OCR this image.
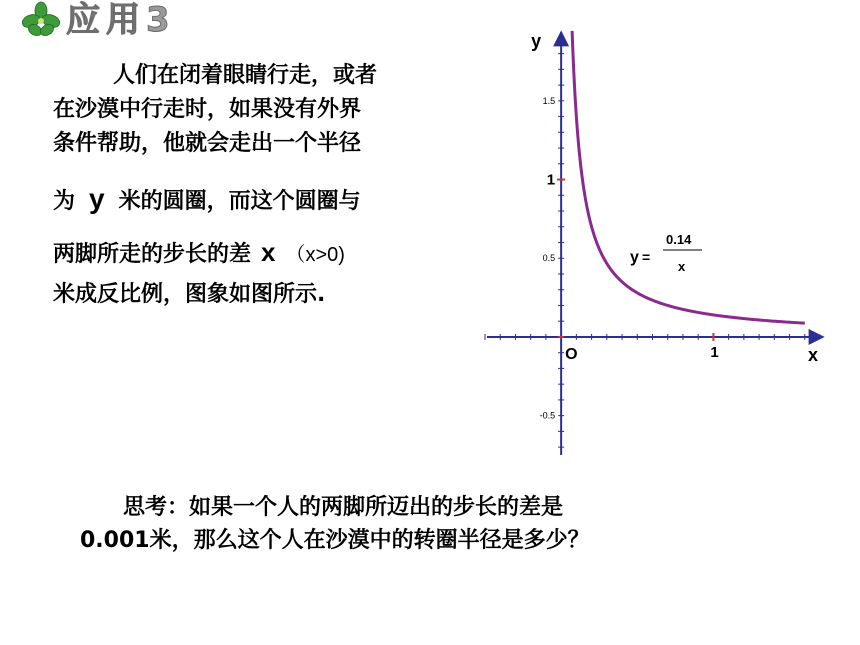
应用3
人们在闭着眼睛行走，或者
在沙漠中行走时，如果没有外界
条件帮助，他就会走出一个半径
为 y 米的圆圈，而这个圆圈与
两脚所走的步长的差 x （x>0)
米成反比例，图象如图所示.
1
1.5
1
0.5
-0.5
x
y
O
y =
0.14
x
思考：如果一个人的两脚所迈出的步长的差是
0.001米，那么这个人在沙漠中的转圈半径是多少？
